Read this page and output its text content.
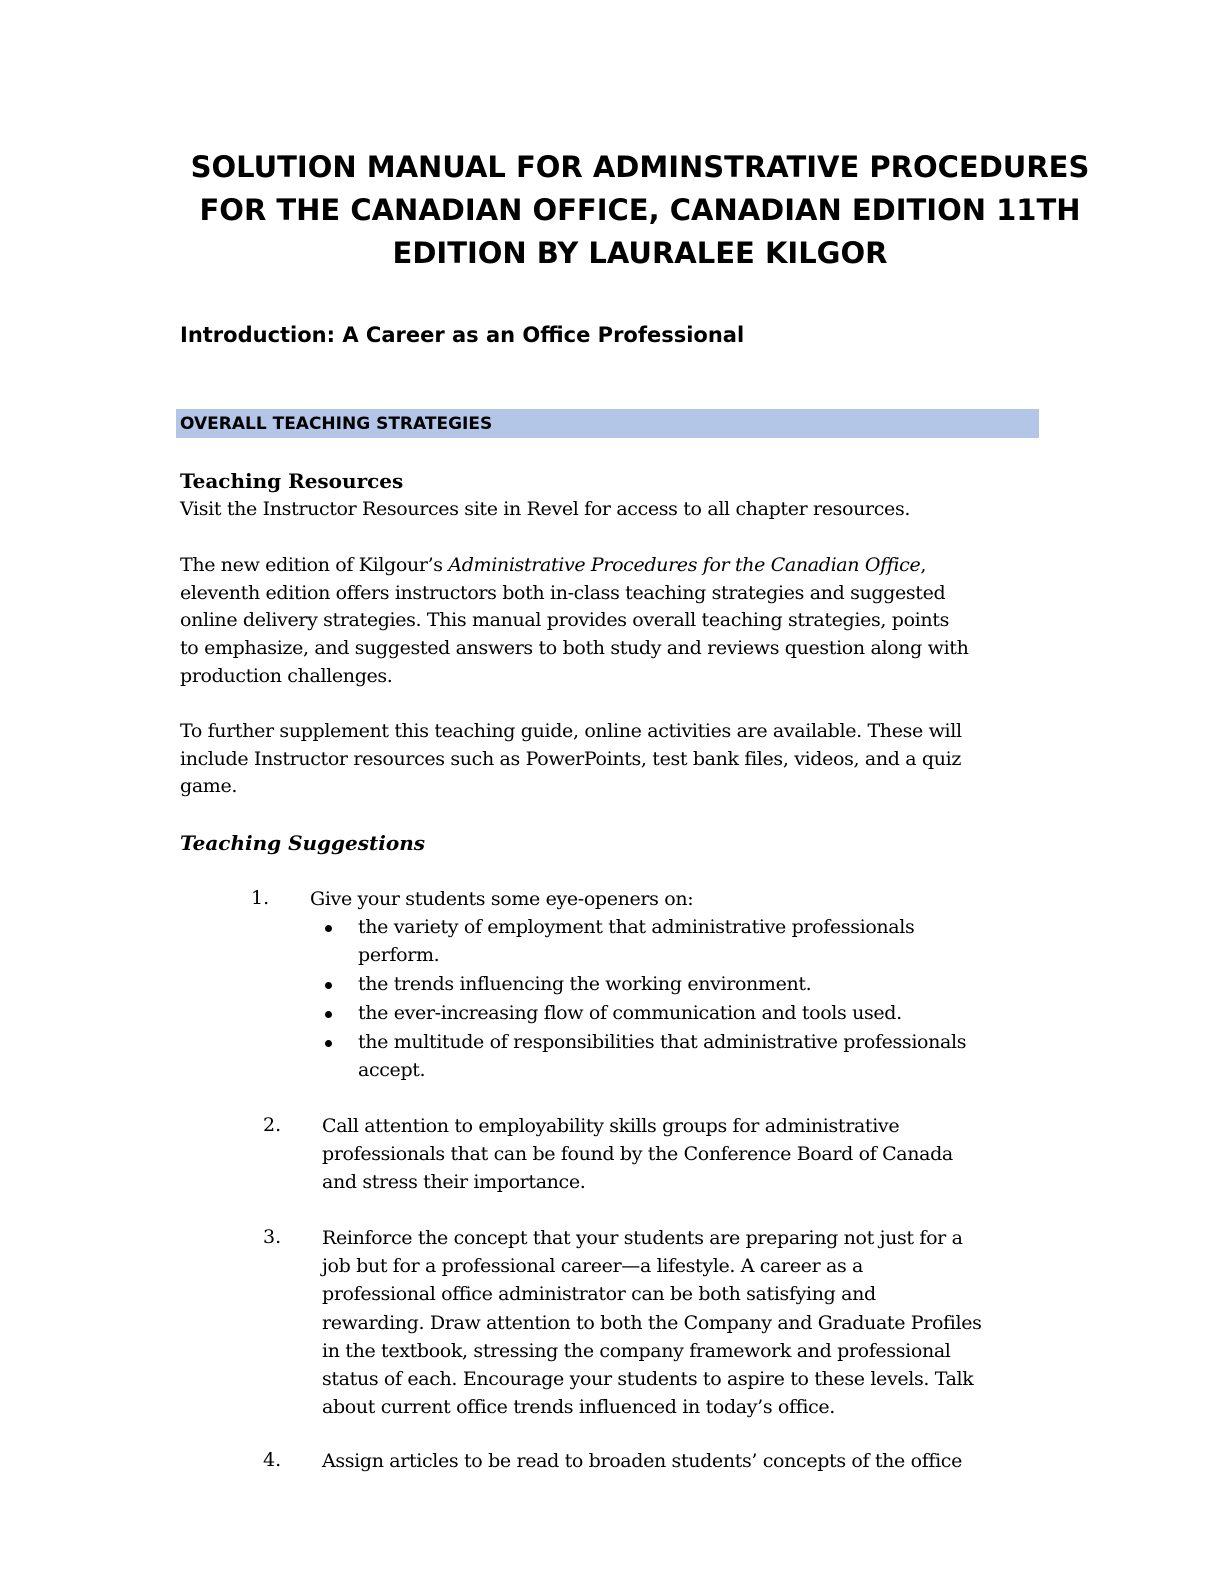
SOLUTION MANUAL FOR ADMINSTRATIVE PROCEDURES
FOR THE CANADIAN OFFICE, CANADIAN EDITION 11TH
EDITION BY LAURALEE KILGOR
Introduction: A Career as an Office Professional
OVERALL TEACHING STRATEGIES
Teaching Resources

Visit the Instructor Resources site in Revel for access to all chapter resources.

The new edition of Kilgour’s Administrative Procedures for the Canadian Office,
eleventh edition offers instructors both in-class teaching strategies and suggested
online delivery strategies. This manual provides overall teaching strategies, points
to emphasize, and suggested answers to both study and reviews question along with
production challenges.

To further supplement this teaching guide, online activities are available. These will
include Instructor resources such as PowerPoints, test bank files, videos, and a quiz
game.

Teaching Suggestions
1. Give your students some eye-openers on:

the variety of employment that administrative professionals
perform.

the trends influencing the working environment.

the ever-increasing flow of communication and tools used.

the multitude of responsibilities that administrative professionals
accept.

2. Call attention to employability skills groups for administrative
professionals that can be found by the Conference Board of Canada
and stress their importance.

3. Reinforce the concept that your students are preparing not just for a
job but for a professional career—a lifestyle. A career as a
professional office administrator can be both satisfying and
rewarding. Draw attention to both the Company and Graduate Profiles
in the textbook, stressing the company framework and professional
status of each. Encourage your students to aspire to these levels. Talk
about current office trends influenced in today’s office.

4. Assign articles to be read to broaden students’ concepts of the office
